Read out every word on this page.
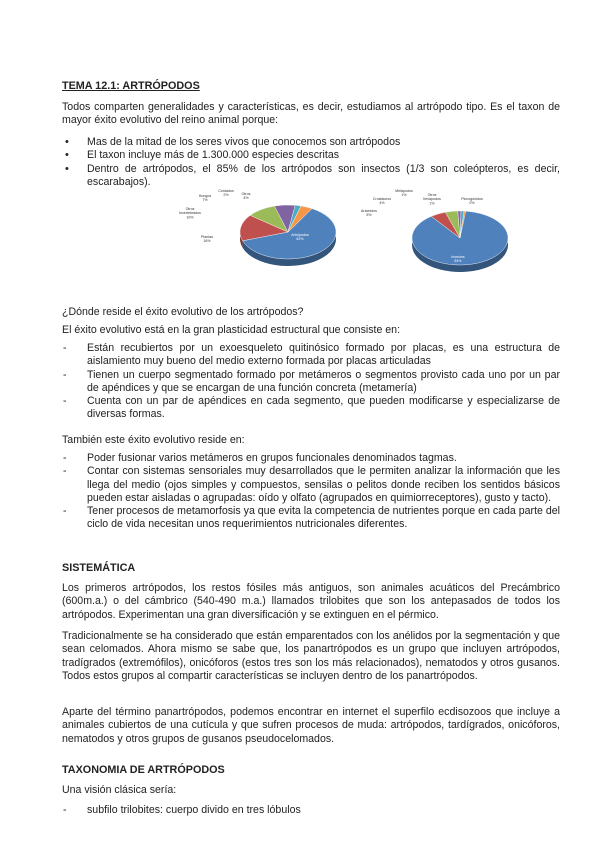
TEMA 12.1: ARTRÓPODOS

Todos comparten generalidades y características, es decir, estudiamos al artrópodo tipo. Es el taxon de mayor éxito evolutivo del reino animal porque:

• Mas de la mitad de los seres vivos que conocemos son artrópodos
• El taxon incluye más de 1.300.000 especies descritas
• Dentro de artrópodos, el 85% de los artrópodos son insectos (1/3 son coleópteros, es decir, escarabajos).
Artrópodos 62%
Plantas 16%
Otros Invertebrados 10%
Hongos 7%
Cordados 2%	Otros 4%
Insectos 84%
Arácnidos 5%
Crustáceos 4%
Miriápodos 1%	Otros hexápodos 1%
Picnogónidos 0%

¿Dónde reside el éxito evolutivo de los artrópodos?

El éxito evolutivo está en la gran plasticidad estructural que consiste en:

- Están recubiertos por un exoesqueleto quitinósico formado por placas, es una estructura de aislamiento muy bueno del medio externo formada por placas articuladas
- Tienen un cuerpo segmentado formado por metámeros o segmentos provisto cada uno por un par de apéndices y que se encargan de una función concreta (metamería)
- Cuenta con un par de apéndices en cada segmento, que pueden modificarse y especializarse de diversas formas.

También este éxito evolutivo reside en:

- Poder fusionar varios metámeros en grupos funcionales denominados tagmas.
- Contar con sistemas sensoriales muy desarrollados que le permiten analizar la información que les llega del medio (ojos simples y compuestos, sensilas o pelitos donde reciben los sentidos básicos pueden estar aisladas o agrupadas: oído y olfato (agrupados en quimiorreceptores), gusto y tacto).
- Tener procesos de metamorfosis ya que evita la competencia de nutrientes porque en cada parte del ciclo de vida necesitan unos requerimientos nutricionales diferentes.
SISTEMÁTICA

Los primeros artrópodos, los restos fósiles más antiguos, son animales acuáticos del Precámbrico (600m.a.) o del cámbrico (540-490 m.a.) llamados trilobites que son los antepasados de todos los artrópodos. Experimentan una gran diversificación y se extinguen en el pérmico.

Tradicionalmente se ha considerado que están emparentados con los anélidos por la segmentación y que sean celomados. Ahora mismo se sabe que, los panartrópodos es un grupo que incluyen artrópodos, tradígrados (extremófilos), onicóforos (estos tres son los más relacionados), nematodos y otros gusanos. Todos estos grupos al compartir características se incluyen dentro de los panartrópodos.

Aparte del término panartrópodos, podemos encontrar en internet el superfilo ecdisozoos que incluye a animales cubiertos de una cutícula y que sufren procesos de muda: artrópodos, tardígrados, onicóforos, nematodos y otros grupos de gusanos pseudocelomados.

TAXONOMIA DE ARTRÓPODOS

Una visión clásica sería:

- subfilo trilobites: cuerpo divido en tres lóbulos
